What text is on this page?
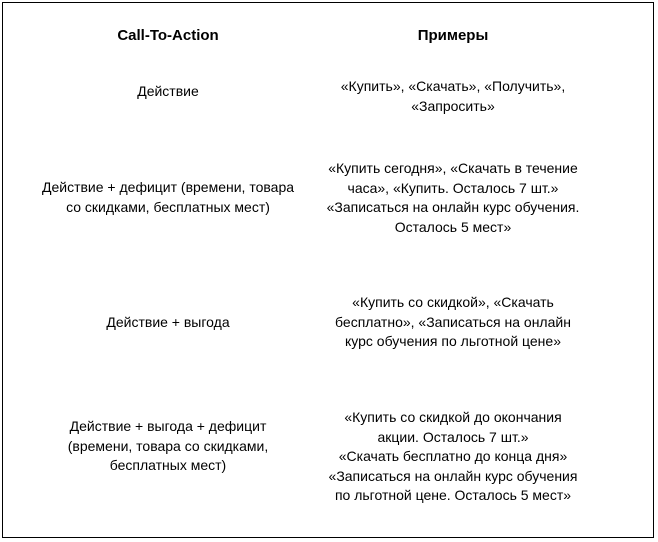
Call-To-Action	Примеры
Действие	«Купить», «Скачать», «Получить»,
«Запросить»
Действие + дефицит (времени, товара
со скидками, бесплатных мест)
«Купить сегодня», «Скачать в течение
часа», «Купить. Осталось 7 шт.»
«Записаться на онлайн курс обучения.
Осталось 5 мест»
Действие + выгода
«Купить со скидкой», «Скачать
бесплатно», «Записаться на онлайн
курс обучения по льготной цене»
Действие + выгода + дефицит
(времени, товара со скидками,
бесплатных мест)
«Купить со скидкой до окончания
акции. Осталось 7 шт.»
«Скачать бесплатно до конца дня»
«Записаться на онлайн курс обучения
по льготной цене. Осталось 5 мест»
